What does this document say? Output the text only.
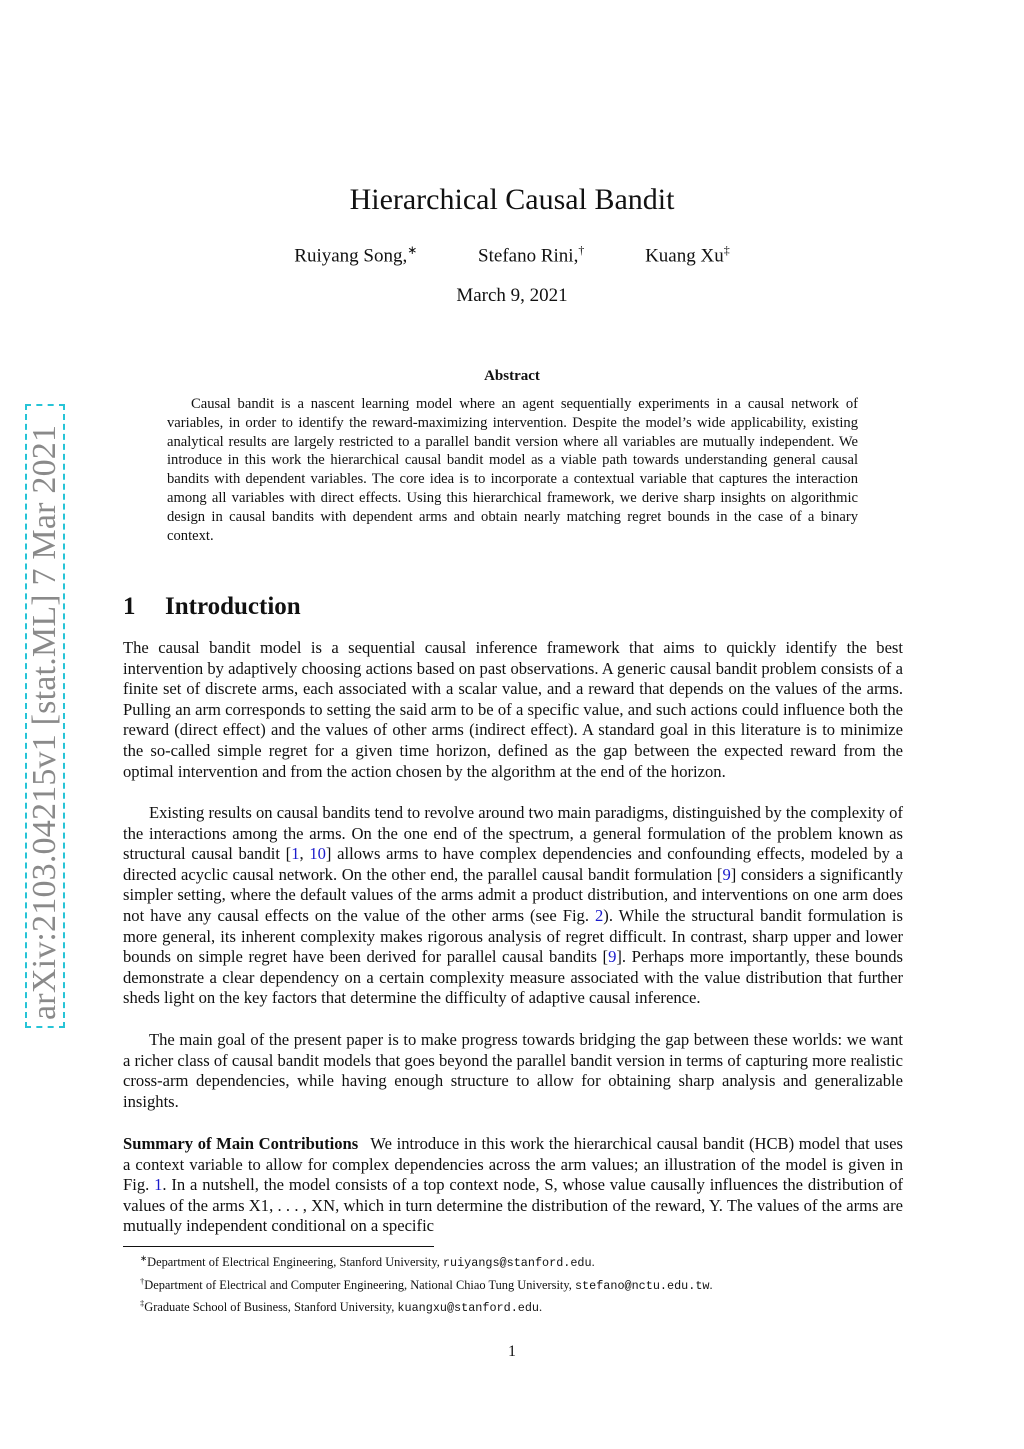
arXiv:2103.04215v1 [stat.ML] 7 Mar 2021
Hierarchical Causal Bandit
Ruiyang Song,∗	Stefano Rini,†	Kuang Xu‡
March 9, 2021
Abstract

Causal bandit is a nascent learning model where an agent sequentially experiments in a causal network of variables, in order to identify the reward-maximizing intervention. Despite the model’s wide applicability, existing analytical results are largely restricted to a parallel bandit version where all variables are mutually independent. We introduce in this work the hierarchical causal bandit model as a viable path towards understanding general causal bandits with dependent variables. The core idea is to incorporate a contextual variable that captures the interaction among all variables with direct effects. Using this hierarchical framework, we derive sharp insights on algorithmic design in causal bandits with dependent arms and obtain nearly matching regret bounds in the case of a binary context.

1 Introduction

The causal bandit model is a sequential causal inference framework that aims to quickly identify the best intervention by adaptively choosing actions based on past observations. A generic causal bandit problem consists of a finite set of discrete arms, each associated with a scalar value, and a reward that depends on the values of the arms. Pulling an arm corresponds to setting the said arm to be of a specific value, and such actions could influence both the reward (direct effect) and the values of other arms (indirect effect). A standard goal in this literature is to minimize the so-called simple regret for a given time horizon, defined as the gap between the expected reward from the optimal intervention and from the action chosen by the algorithm at the end of the horizon.

Existing results on causal bandits tend to revolve around two main paradigms, distinguished by the complexity of the interactions among the arms. On the one end of the spectrum, a general formulation of the problem known as structural causal bandit [1, 10] allows arms to have complex dependencies and confounding effects, modeled by a directed acyclic causal network. On the other end, the parallel causal bandit formulation [9] considers a significantly simpler setting, where the default values of the arms admit a product distribution, and interventions on one arm does not have any causal effects on the value of the other arms (see Fig. 2). While the structural bandit formulation is more general, its inherent complexity makes rigorous analysis of regret difficult. In contrast, sharp upper and lower bounds on simple regret have been derived for parallel causal bandits [9]. Perhaps more importantly, these bounds demonstrate a clear dependency on a certain complexity measure associated with the value distribution that further sheds light on the key factors that determine the difficulty of adaptive causal inference.

The main goal of the present paper is to make progress towards bridging the gap between these worlds: we want a richer class of causal bandit models that goes beyond the parallel bandit version in terms of capturing more realistic cross-arm dependencies, while having enough structure to allow for obtaining sharp analysis and generalizable insights.

Summary of Main Contributions We introduce in this work the hierarchical causal bandit (HCB) model that uses a context variable to allow for complex dependencies across the arm values; an illustration of the model is given in Fig. 1. In a nutshell, the model consists of a top context node, S, whose value causally influences the distribution of values of the arms X1, . . . , XN, which in turn determine the distribution of the reward, Y. The values of the arms are mutually independent conditional on a specific

∗Department of Electrical Engineering, Stanford University, ruiyangs@stanford.edu.
†Department of Electrical and Computer Engineering, National Chiao Tung University, stefano@nctu.edu.tw.
‡Graduate School of Business, Stanford University, kuangxu@stanford.edu.
1
